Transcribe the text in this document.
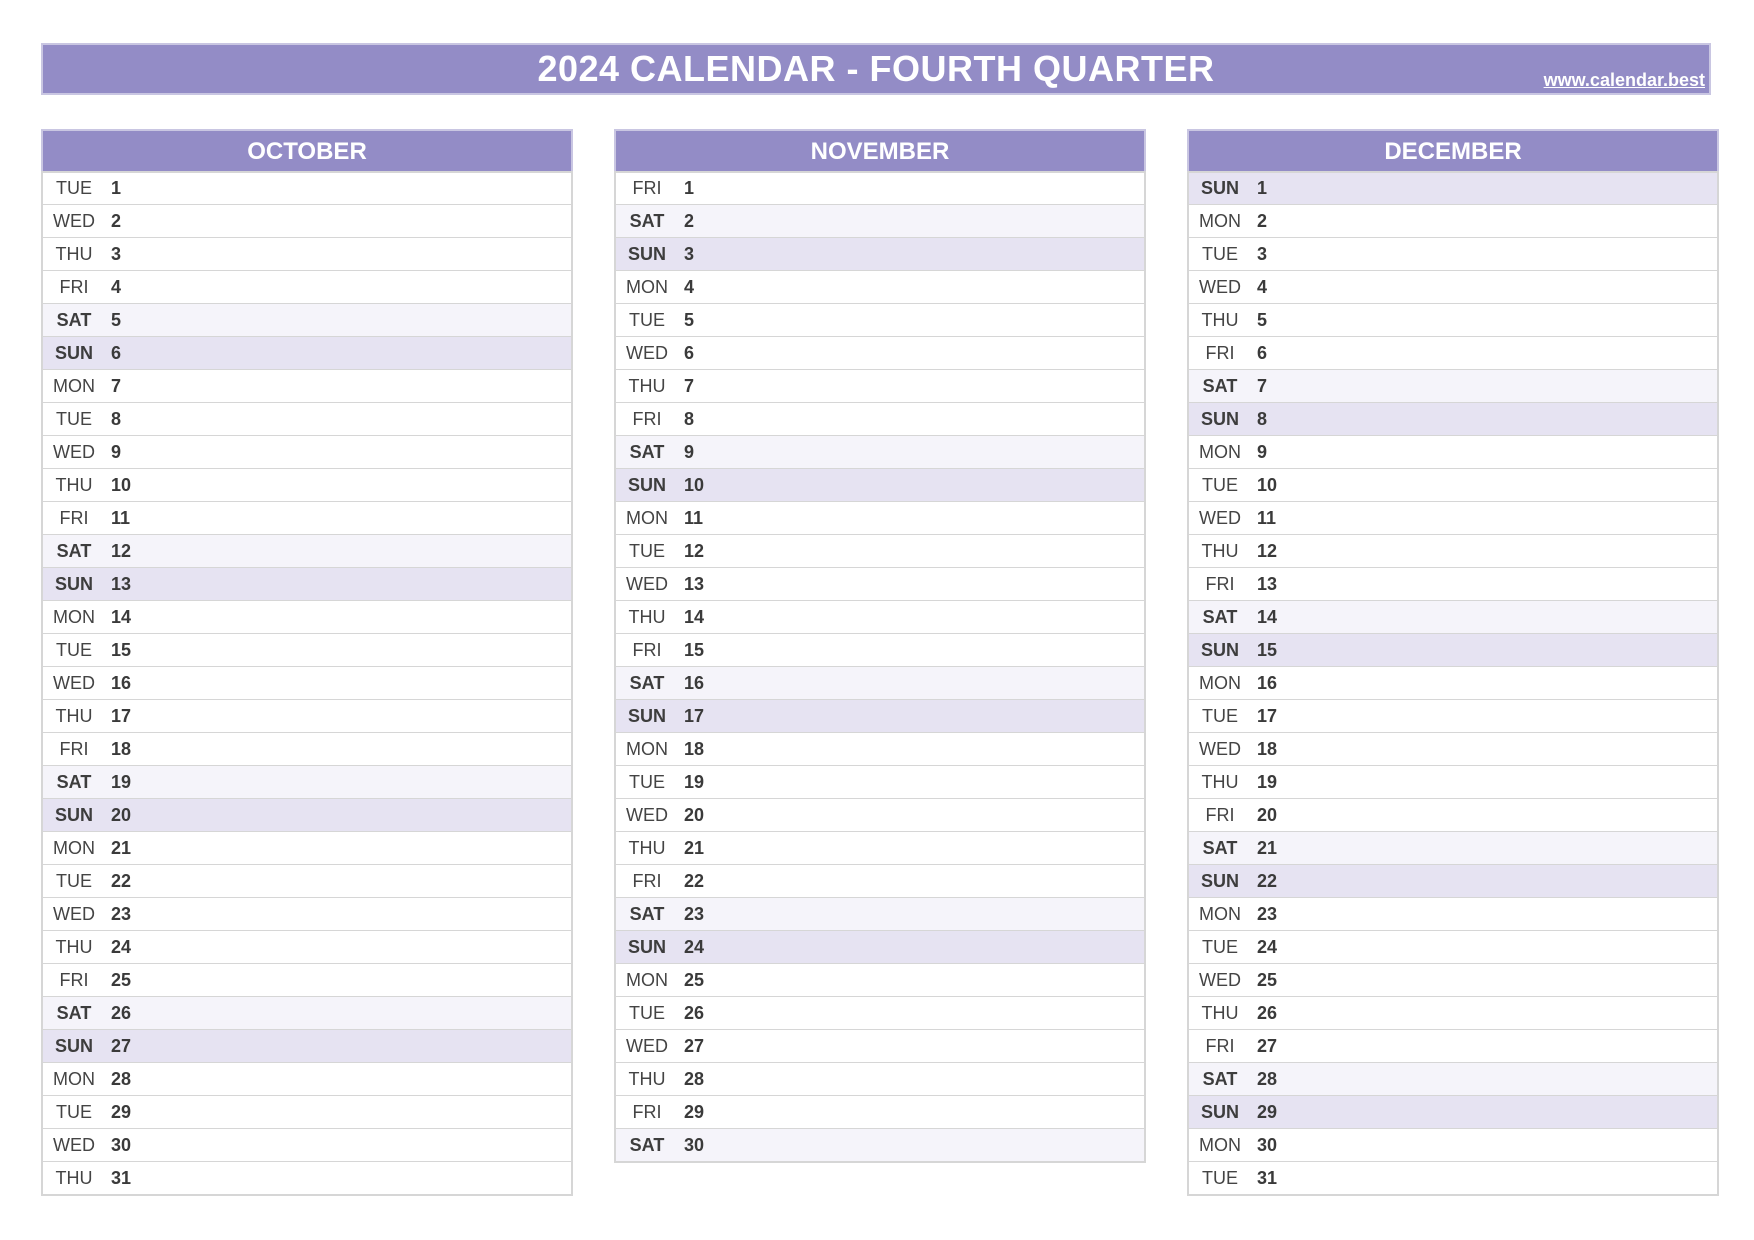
2024 CALENDAR - FOURTH QUARTER	www.calendar.best
OCTOBER
TUE	1
WED 2
THU	3
FRI	4
SAT	5
SUN	6
MON 7
TUE	8
WED 9
THU	10
FRI	11
SAT	12
SUN	13
MON 14
TUE	15
WED 16
THU	17
FRI	18
SAT	19
SUN	20
MON 21
TUE	22
WED 23
THU	24
FRI	25
SAT	26
SUN	27
MON 28
TUE	29
WED 30
THU	31
NOVEMBER
FRI	1
SAT	2
SUN	3
MON 4
TUE	5
WED 6
THU	7
FRI	8
SAT	9
SUN	10
MON 11
TUE	12
WED 13
THU	14
FRI	15
SAT	16
SUN	17
MON 18
TUE	19
WED 20
THU	21
FRI	22
SAT	23
SUN	24
MON 25
TUE	26
WED 27
THU	28
FRI	29
SAT	30
DECEMBER
SUN	1
MON 2
TUE	3
WED 4
THU	5
FRI	6
SAT	7
SUN	8
MON 9
TUE	10
WED 11
THU	12
FRI	13
SAT	14
SUN	15
MON 16
TUE	17
WED 18
THU	19
FRI	20
SAT	21
SUN	22
MON 23
TUE	24
WED 25
THU	26
FRI	27
SAT	28
SUN	29
MON 30
TUE	31
